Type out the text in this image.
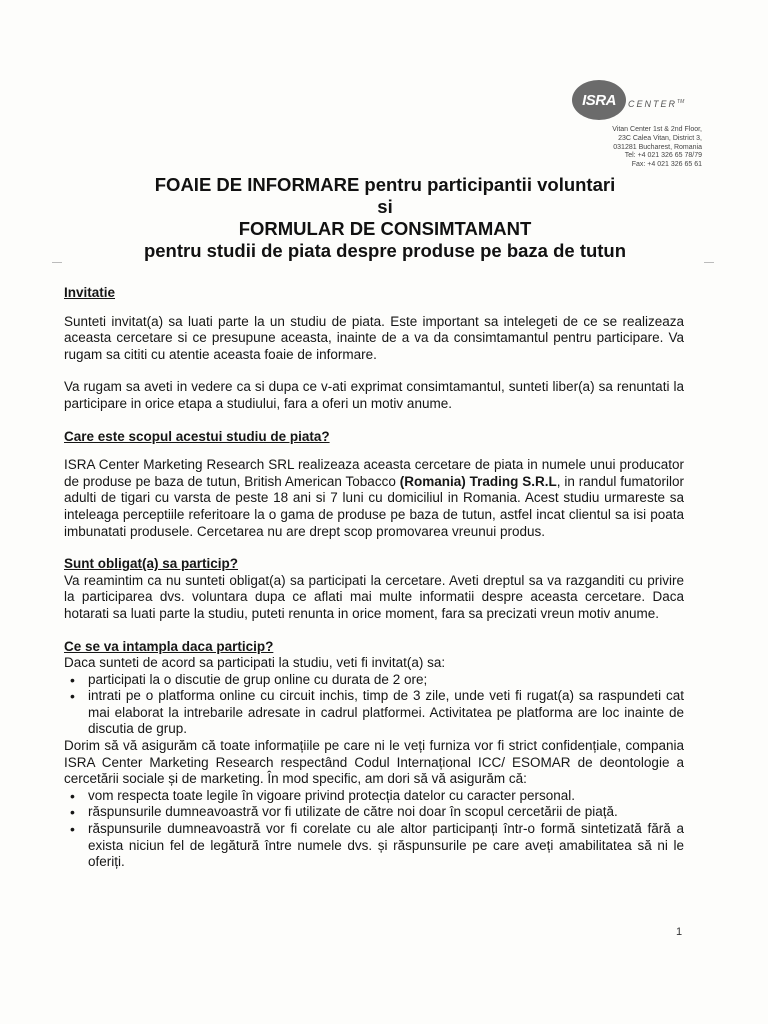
ISRA	CENTER™
Vitan Center 1st & 2nd Floor,
23C Calea Vitan, District 3,
031281 Bucharest, Romania
Tel: +4 021 326 65 78/79
Fax: +4 021 326 65 61
FOAIE DE INFORMARE pentru participantii voluntari
si
FORMULAR DE CONSIMTAMANT
pentru studii de piata despre produse pe baza de tutun
Invitatie

Sunteti invitat(a) sa luati parte la un studiu de piata. Este important sa intelegeti de ce se realizeaza aceasta cercetare si ce presupune aceasta, inainte de a va da consimtamantul pentru participare. Va rugam sa cititi cu atentie aceasta foaie de informare.

Va rugam sa aveti in vedere ca si dupa ce v-ati exprimat consimtamantul, sunteti liber(a) sa renuntati la participare in orice etapa a studiului, fara a oferi un motiv anume.

Care este scopul acestui studiu de piata?

ISRA Center Marketing Research SRL realizeaza aceasta cercetare de piata in numele unui producator de produse pe baza de tutun, British American Tobacco (Romania) Trading S.R.L, in randul fumatorilor adulti de tigari cu varsta de peste 18 ani si 7 luni cu domiciliul in Romania. Acest studiu urmareste sa inteleaga perceptiile referitoare la o gama de produse pe baza de tutun, astfel incat clientul sa isi poata imbunatati produsele. Cercetarea nu are drept scop promovarea vreunui produs.

Sunt obligat(a) sa particip?

Va reamintim ca nu sunteti obligat(a) sa participati la cercetare. Aveti dreptul sa va razganditi cu privire la participarea dvs. voluntara dupa ce aflati mai multe informatii despre aceasta cercetare. Daca hotarati sa luati parte la studiu, puteti renunta in orice moment, fara sa precizati vreun motiv anume.

Ce se va intampla daca particip?

Daca sunteti de acord sa participati la studiu, veti fi invitat(a) sa:

• participati la o discutie de grup online cu durata de 2 ore;
• intrati pe o platforma online cu circuit inchis, timp de 3 zile, unde veti fi rugat(a) sa raspundeti cat mai elaborat la intrebarile adresate in cadrul platformei. Activitatea pe platforma are loc inainte de discutia de grup.

Dorim să vă asigurăm că toate informațiile pe care ni le veți furniza vor fi strict confidențiale, compania ISRA Center Marketing Research respectând Codul Internațional ICC/ ESOMAR de deontologie a cercetării sociale și de marketing. În mod specific, am dori să vă asigurăm că:

• vom respecta toate legile în vigoare privind protecția datelor cu caracter personal.
• răspunsurile dumneavoastră vor fi utilizate de către noi doar în scopul cercetării de piață.
• răspunsurile dumneavoastră vor fi corelate cu ale altor participanți într-o formă sintetizată fără a exista niciun fel de legătură între numele dvs. și răspunsurile pe care aveți amabilitatea să ni le oferiți.
1
